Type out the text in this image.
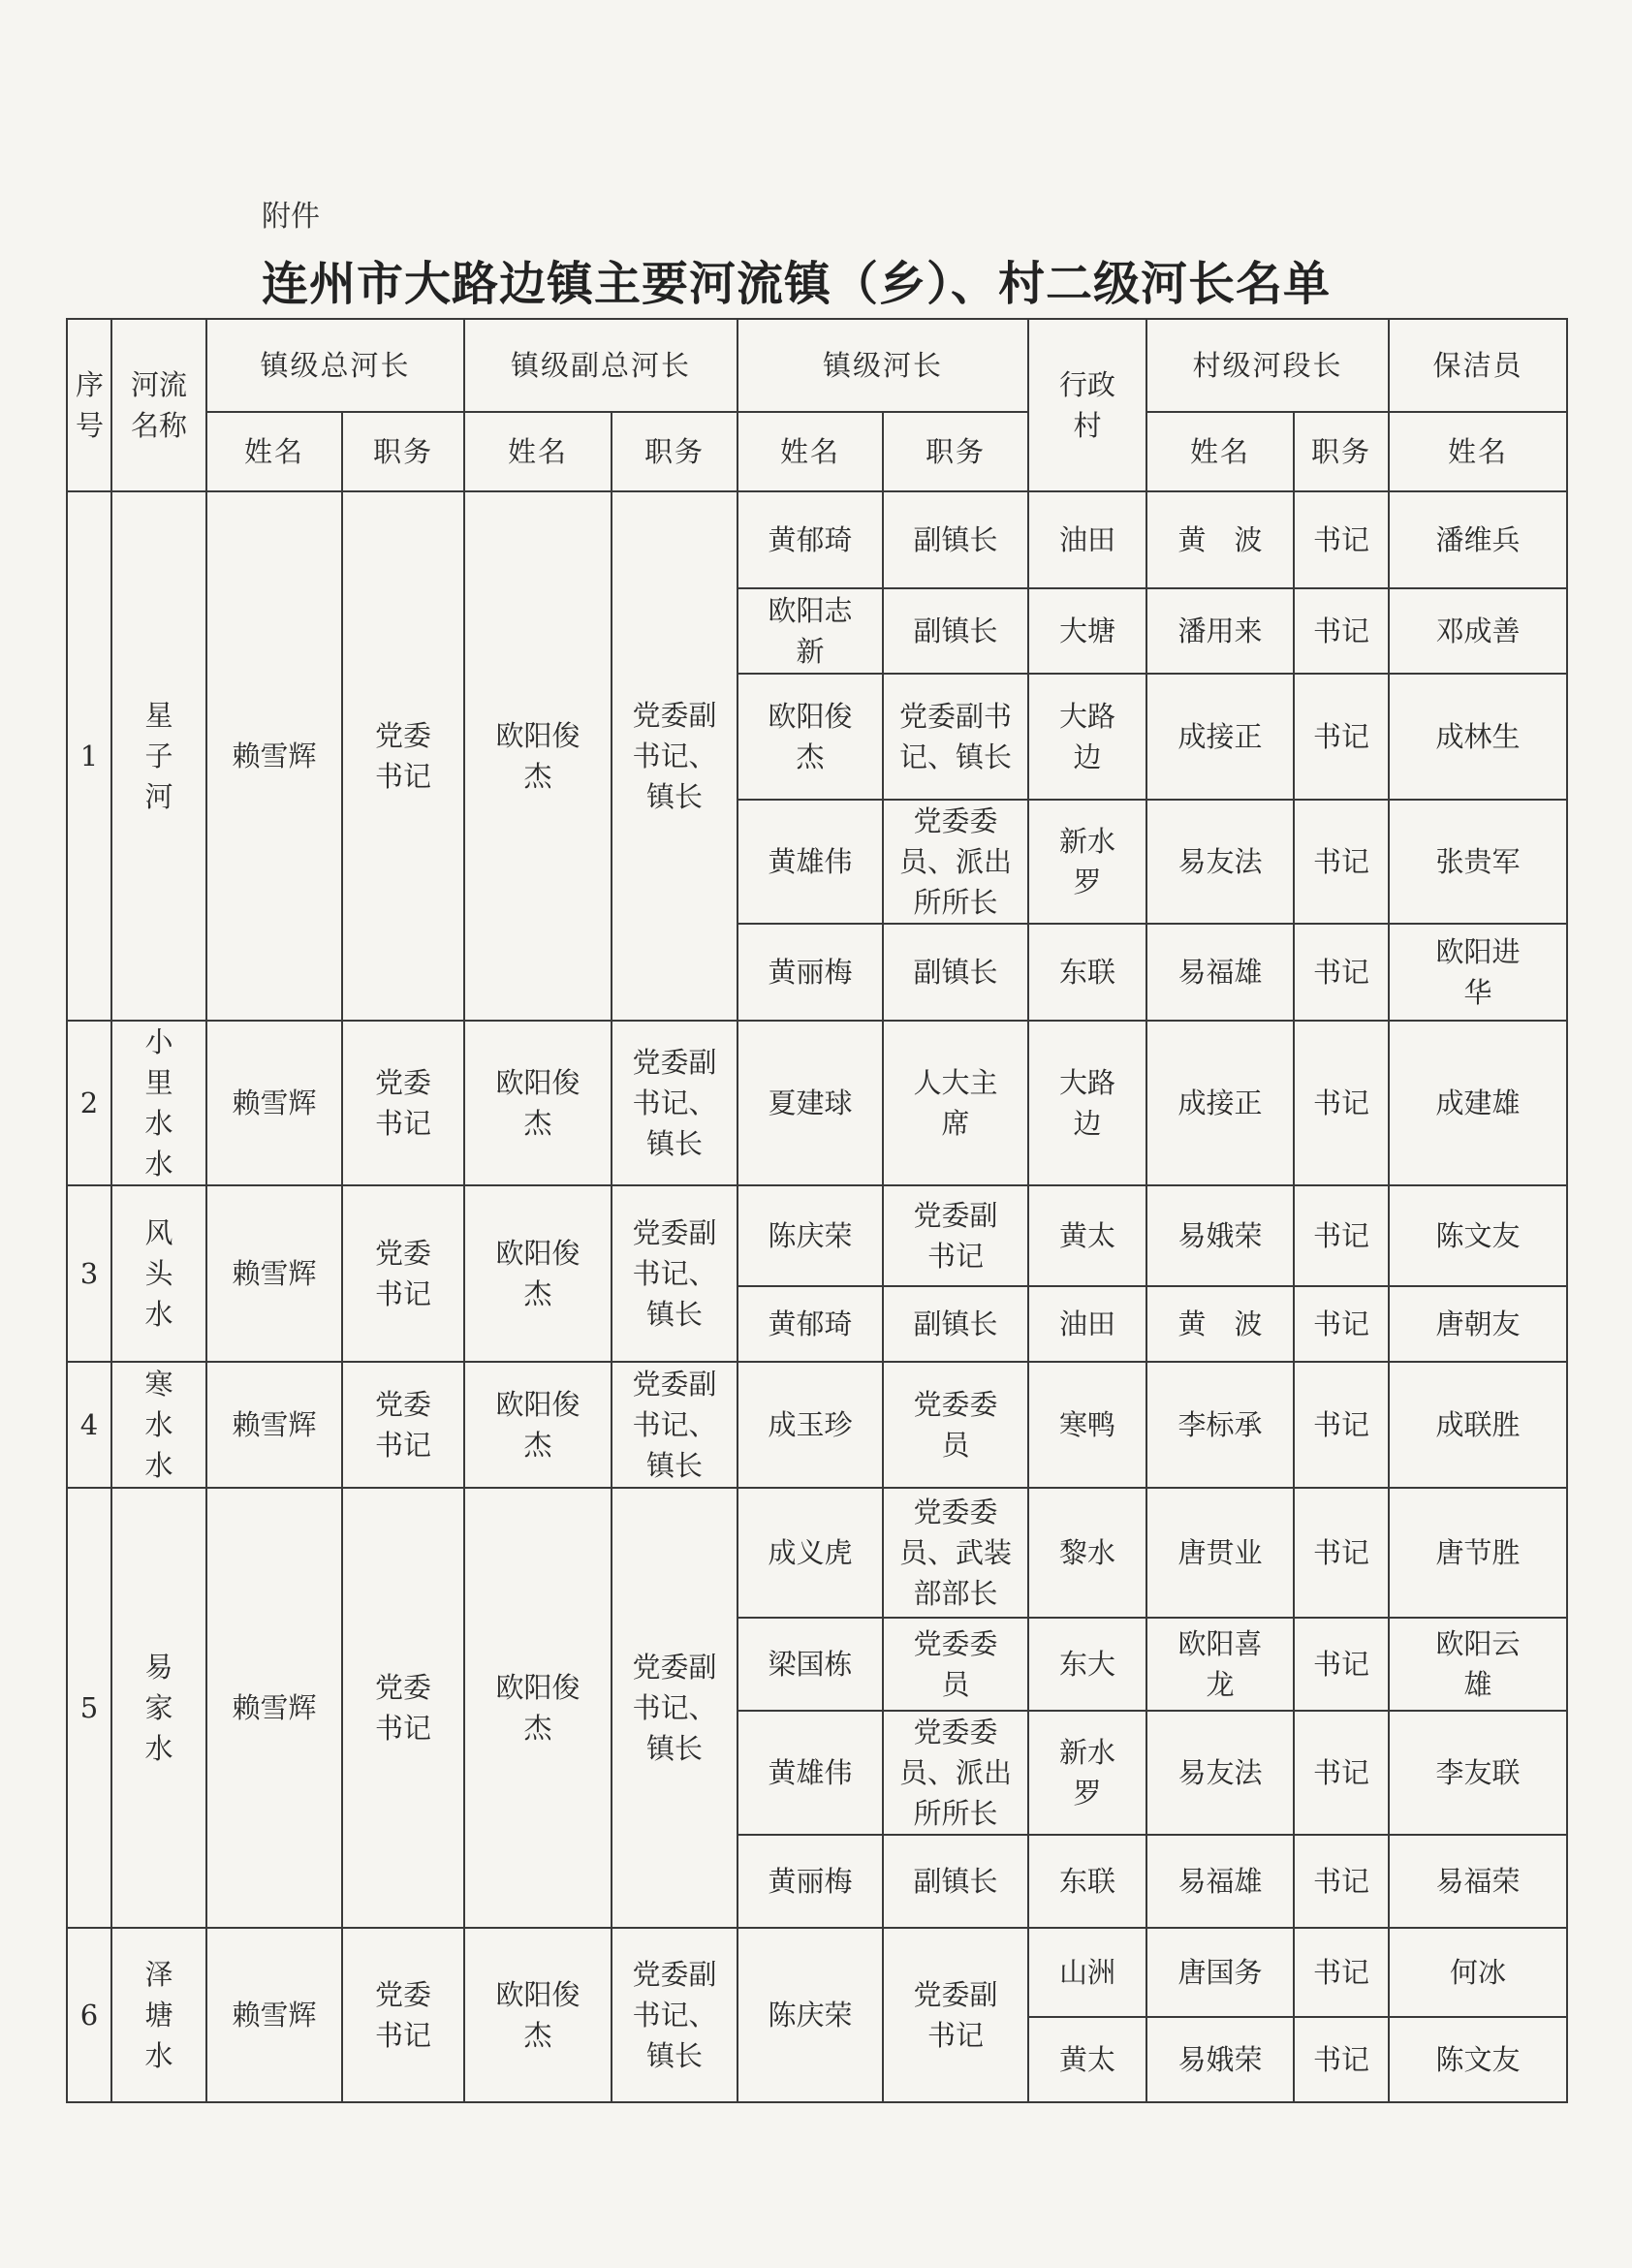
附件
连州市大路边镇主要河流镇（乡）、村二级河长名单
序号	河流名称	镇级总河长		镇级副总河长		镇级河长		行政村	村级河段长		保洁员
		姓名	职务	姓名	职务	姓名	职务		姓名	职务	姓名
1	星子河	赖雪辉	党委书记	欧阳俊杰	党委副书记、镇长	黄郁琦	副镇长	油田	黄　波	书记	潘维兵
						欧阳志新	副镇长	大塘	潘用来	书记	邓成善
						欧阳俊杰	党委副书记、镇长	大路边	成接正	书记	成林生
						黄雄伟	党委委员、派出所所长	新水罗	易友法	书记	张贵军
						黄丽梅	副镇长	东联	易福雄	书记	欧阳进华
2	小里水水	赖雪辉	党委书记	欧阳俊杰	党委副书记、镇长	夏建球	人大主席	大路边	成接正	书记	成建雄
3	风头水	赖雪辉	党委书记	欧阳俊杰	党委副书记、镇长	陈庆荣	党委副书记	黄太	易娥荣	书记	陈文友
						黄郁琦	副镇长	油田	黄　波	书记	唐朝友
4	寒水水	赖雪辉	党委书记	欧阳俊杰	党委副书记、镇长	成玉珍	党委委员	寒鸭	李标承	书记	成联胜
5	易家水	赖雪辉	党委书记	欧阳俊杰	党委副书记、镇长	成义虎	党委委员、武装部部长	黎水	唐贯业	书记	唐节胜
						梁国栋	党委委员	东大	欧阳喜龙	书记	欧阳云雄
						黄雄伟	党委委员、派出所所长	新水罗	易友法	书记	李友联
						黄丽梅	副镇长	东联	易福雄	书记	易福荣
6	泽塘水	赖雪辉	党委书记	欧阳俊杰	党委副书记、镇长	陈庆荣	党委副书记	山洲	唐国务	书记	何冰
								黄太	易娥荣	书记	陈文友
